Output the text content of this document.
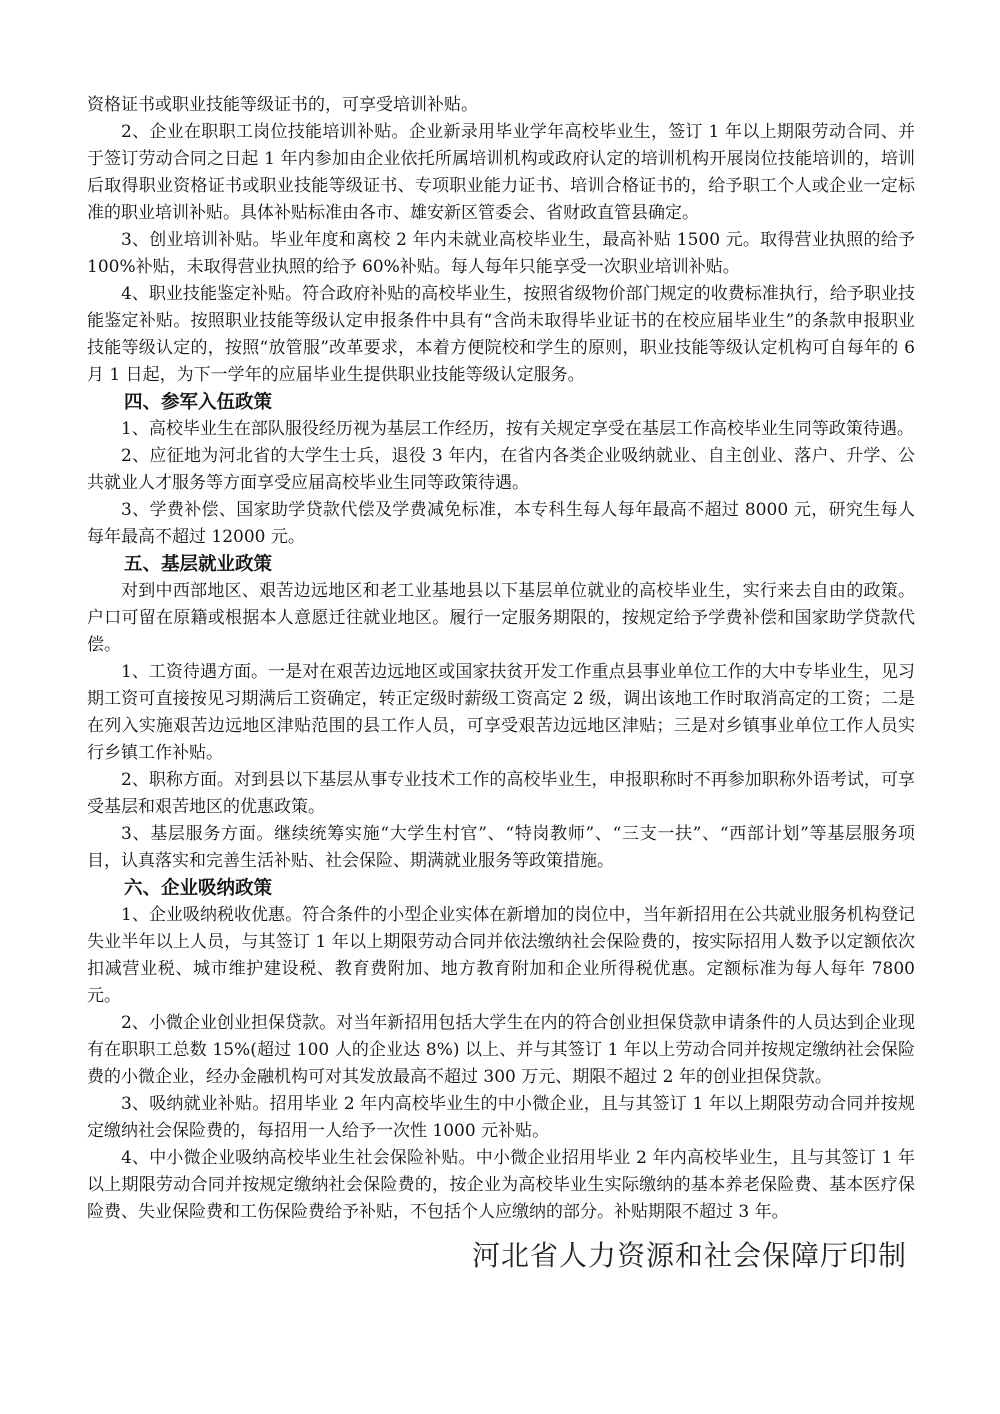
资格证书或职业技能等级证书的，可享受培训补贴。

2、企业在职职工岗位技能培训补贴。企业新录用毕业学年高校毕业生，签订 1 年以上期限劳动合同、并于签订劳动合同之日起 1 年内参加由企业依托所属培训机构或政府认定的培训机构开展岗位技能培训的，培训后取得职业资格证书或职业技能等级证书、专项职业能力证书、培训合格证书的，给予职工个人或企业一定标准的职业培训补贴。具体补贴标准由各市、雄安新区管委会、省财政直管县确定。

3、创业培训补贴。毕业年度和离校 2 年内未就业高校毕业生，最高补贴 1500 元。取得营业执照的给予 100%补贴，未取得营业执照的给予 60%补贴。每人每年只能享受一次职业培训补贴。

4、职业技能鉴定补贴。符合政府补贴的高校毕业生，按照省级物价部门规定的收费标准执行，给予职业技能鉴定补贴。按照职业技能等级认定申报条件中具有“含尚未取得毕业证书的在校应届毕业生”的条款申报职业技能等级认定的，按照“放管服”改革要求，本着方便院校和学生的原则，职业技能等级认定机构可自每年的 6 月 1 日起，为下一学年的应届毕业生提供职业技能等级认定服务。

四、参军入伍政策

1、高校毕业生在部队服役经历视为基层工作经历，按有关规定享受在基层工作高校毕业生同等政策待遇。

2、应征地为河北省的大学生士兵，退役 3 年内，在省内各类企业吸纳就业、自主创业、落户、升学、公共就业人才服务等方面享受应届高校毕业生同等政策待遇。

3、学费补偿、国家助学贷款代偿及学费减免标准，本专科生每人每年最高不超过 8000 元，研究生每人每年最高不超过 12000 元。

五、基层就业政策

对到中西部地区、艰苦边远地区和老工业基地县以下基层单位就业的高校毕业生，实行来去自由的政策。户口可留在原籍或根据本人意愿迁往就业地区。履行一定服务期限的，按规定给予学费补偿和国家助学贷款代偿。

1、工资待遇方面。一是对在艰苦边远地区或国家扶贫开发工作重点县事业单位工作的大中专毕业生，见习期工资可直接按见习期满后工资确定，转正定级时薪级工资高定 2 级，调出该地工作时取消高定的工资；二是在列入实施艰苦边远地区津贴范围的县工作人员，可享受艰苦边远地区津贴；三是对乡镇事业单位工作人员实行乡镇工作补贴。

2、职称方面。对到县以下基层从事专业技术工作的高校毕业生，申报职称时不再参加职称外语考试，可享受基层和艰苦地区的优惠政策。

3、基层服务方面。继续统筹实施“大学生村官”、“特岗教师”、“三支一扶”、“西部计划”等基层服务项目，认真落实和完善生活补贴、社会保险、期满就业服务等政策措施。

六、企业吸纳政策

1、企业吸纳税收优惠。符合条件的小型企业实体在新增加的岗位中，当年新招用在公共就业服务机构登记失业半年以上人员，与其签订 1 年以上期限劳动合同并依法缴纳社会保险费的，按实际招用人数予以定额依次扣减营业税、城市维护建设税、教育费附加、地方教育附加和企业所得税优惠。定额标准为每人每年 7800 元。

2、小微企业创业担保贷款。对当年新招用包括大学生在内的符合创业担保贷款申请条件的人员达到企业现有在职职工总数 15%(超过 100 人的企业达 8%) 以上、并与其签订 1 年以上劳动合同并按规定缴纳社会保险费的小微企业，经办金融机构可对其发放最高不超过 300 万元、期限不超过 2 年的创业担保贷款。

3、吸纳就业补贴。招用毕业 2 年内高校毕业生的中小微企业，且与其签订 1 年以上期限劳动合同并按规定缴纳社会保险费的，每招用一人给予一次性 1000 元补贴。

4、中小微企业吸纳高校毕业生社会保险补贴。中小微企业招用毕业 2 年内高校毕业生，且与其签订 1 年以上期限劳动合同并按规定缴纳社会保险费的，按企业为高校毕业生实际缴纳的基本养老保险费、基本医疗保险费、失业保险费和工伤保险费给予补贴，不包括个人应缴纳的部分。补贴期限不超过 3 年。

河北省人力资源和社会保障厅印制
